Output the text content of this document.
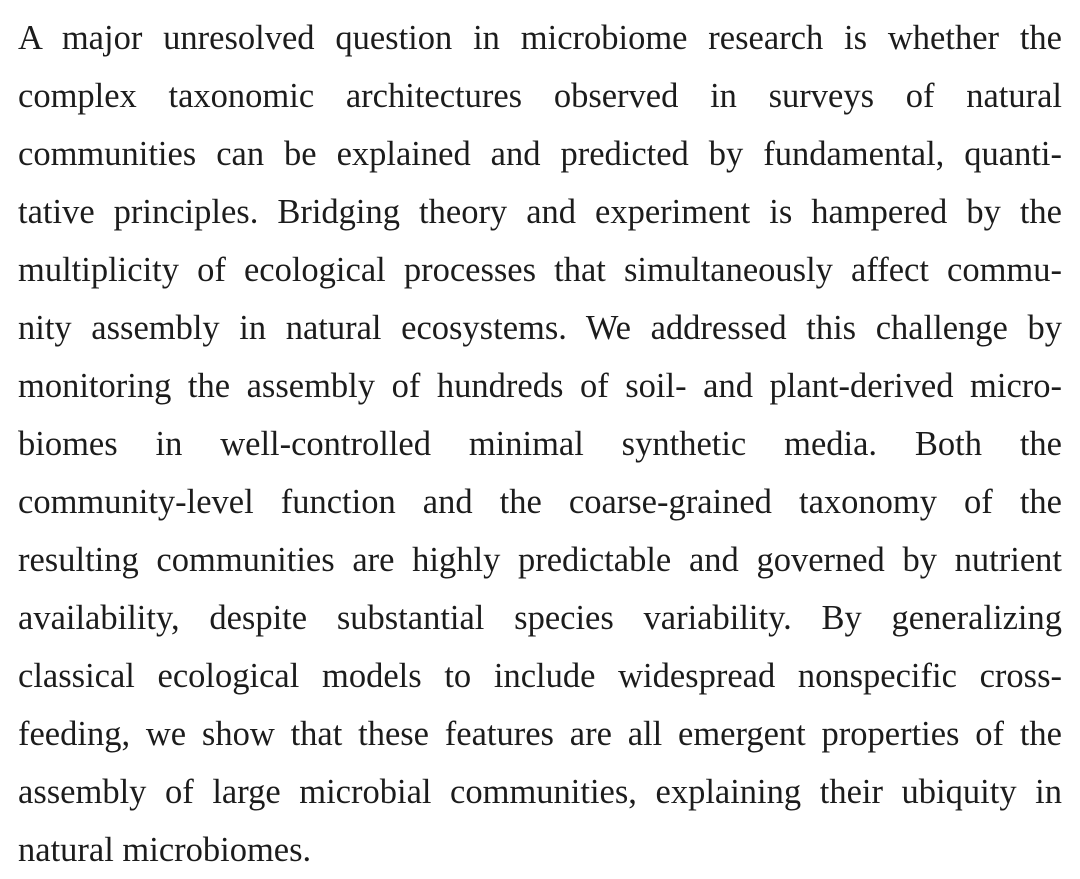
A major unresolved question in microbiome research is whether the
complex taxonomic architectures observed in surveys of natural
communities can be explained and predicted by fundamental, quanti-
tative principles. Bridging theory and experiment is hampered by the
multiplicity of ecological processes that simultaneously affect commu-
nity assembly in natural ecosystems. We addressed this challenge by
monitoring the assembly of hundreds of soil- and plant-derived micro-
biomes in well-controlled minimal synthetic media. Both the
community-level function and the coarse-grained taxonomy of the
resulting communities are highly predictable and governed by nutrient
availability, despite substantial species variability. By generalizing
classical ecological models to include widespread nonspecific cross-
feeding, we show that these features are all emergent properties of the
assembly of large microbial communities, explaining their ubiquity in
natural microbiomes.
